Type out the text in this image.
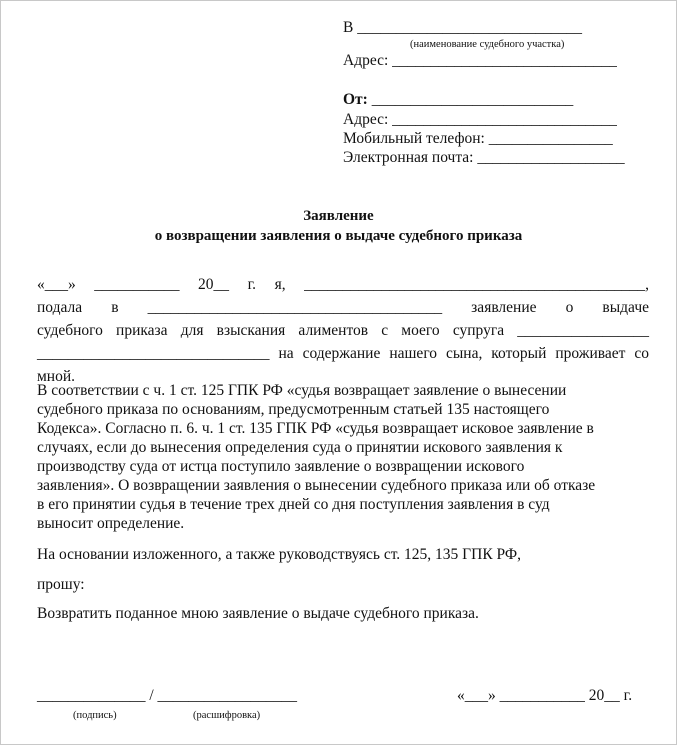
В _____________________________
(наименование судебного участка)
Адрес: _____________________________
От: __________________________
Адрес: _____________________________
Мобильный телефон: ________________
Электронная почта: ___________________
Заявление
о возвращении заявления о выдаче судебного приказа
«___» ___________ 20__ г. я, ____________________________________________,
подала в ______________________________________ заявление о выдаче
судебного приказа для взыскания алиментов с моего супруга _________________
______________________________ на содержание нашего сына, который проживает со
мной.
В соответствии с ч. 1 ст. 125 ГПК РФ «судья возвращает заявление о вынесении
судебного приказа по основаниям, предусмотренным статьей 135 настоящего
Кодекса». Согласно п. 6. ч. 1 ст. 135 ГПК РФ «судья возвращает исковое заявление в
случаях, если до вынесения определения суда о принятии искового заявления к
производству суда от истца поступило заявление о возвращении искового
заявления». О возвращении заявления о вынесении судебного приказа или об отказе
в его принятии судья в течение трех дней со дня поступления заявления в суд
выносит определение.
На основании изложенного, а также руководствуясь ст. 125, 135 ГПК РФ,
прошу:
Возвратить поданное мною заявление о выдаче судебного приказа.
______________ / __________________
(подпись)	(расшифровка)
«___» ___________ 20__ г.
